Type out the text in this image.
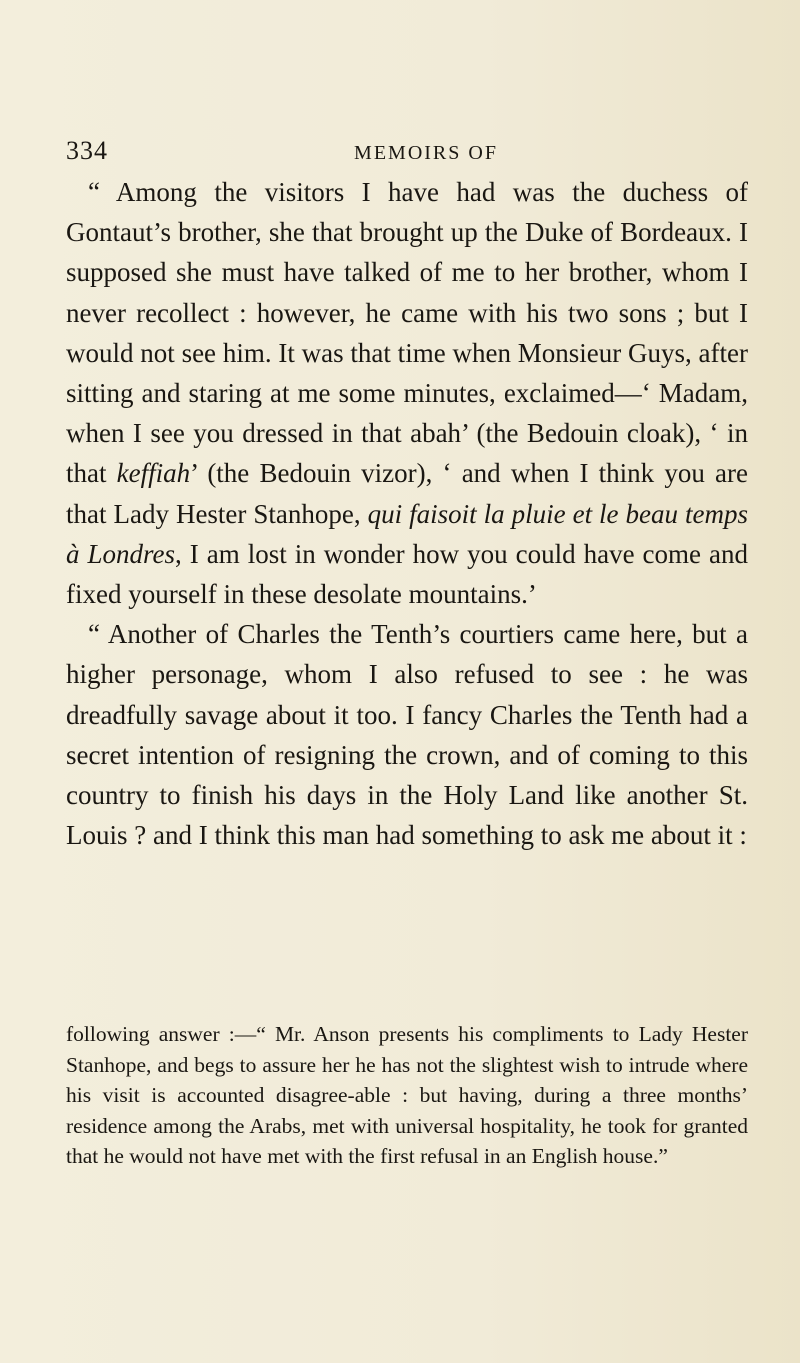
334	MEMOIRS OF

“ Among the visitors I have had was the duchess of Gontaut’s brother, she that brought up the Duke of Bordeaux. I supposed she must have talked of me to her brother, whom I never recollect : however, he came with his two sons ; but I would not see him. It was that time when Monsieur Guys, after sitting and staring at me some minutes, exclaimed—‘ Madam, when I see you dressed in that abah’ (the Bedouin cloak), ‘ in that keffiah’ (the Bedouin vizor), ‘ and when I think you are that Lady Hester Stanhope, qui faisoit la pluie et le beau temps à Londres, I am lost in wonder how you could have come and fixed yourself in these desolate mountains.’

“ Another of Charles the Tenth’s courtiers came here, but a higher personage, whom I also refused to see : he was dreadfully savage about it too. I fancy Charles the Tenth had a secret intention of resigning the crown, and of coming to this country to finish his days in the Holy Land like another St. Louis ? and I think this man had something to ask me about it :

following answer :—“ Mr. Anson presents his compliments to Lady Hester Stanhope, and begs to assure her he has not the slightest wish to intrude where his visit is accounted disagree-able : but having, during a three months’ residence among the Arabs, met with universal hospitality, he took for granted that he would not have met with the first refusal in an English house.”
